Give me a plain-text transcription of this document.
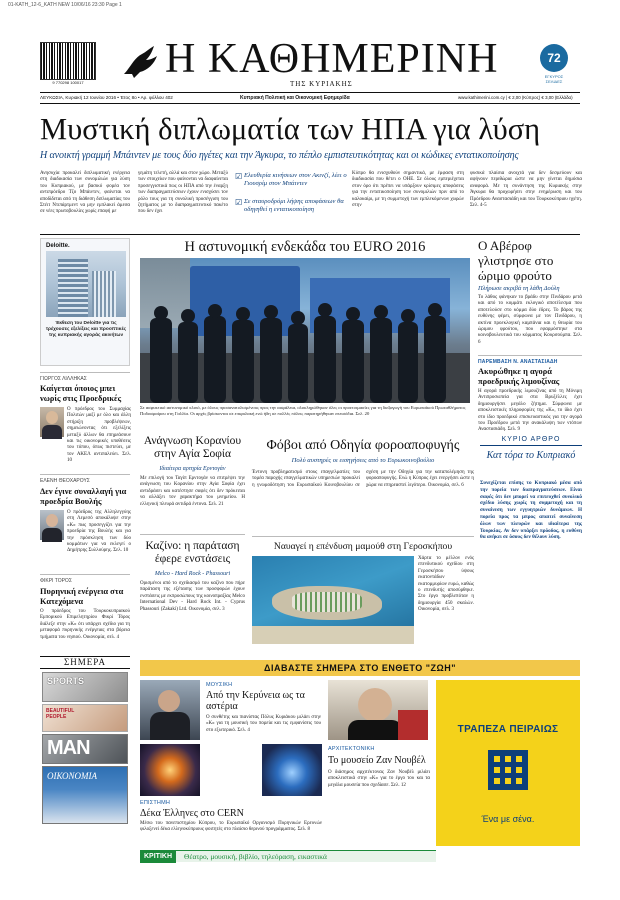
01-KATH_12-6_KATH NEW 10/06/16 23:30 Page 1
9 770298 100017
Η ΚΑΘΗΜΕΡΙΝΗ
ΤΗΣ ΚΥΡΙΑΚΗΣ
72
ΕΓΚΥΡΟΣ
ΣΕΛΙΔΕΣ
ΛΕΥΚΩΣΙΑ, Κυριακή 12 Ιουνίου 2016 • Έτος 8ο • Αρ. φύλλου 402	Κυπριακή Πολιτική και Οικονομική Εφημερίδα	www.kathimerini.com.cy | € 2,00 (Κύπρος) € 3,00 (Ελλάδα)
Μυστική διπλωματία των ΗΠΑ για λύση
Η ανοικτή γραμμή Μπάιντεν με τους δύο ηγέτες και την Άγκυρα, το πέπλο εμπιστευτικότητας και οι κώδικες εντατικοποίησης
Ανησυχία προκαλεί διπλωματική ενέργεια στη διαδικασία των συνομιλιών για λύση του Κυπριακού, με βασικό φορέα τον αντιπρόεδρο Τζο Μπάιντεν, φαίνεται να αποδίδεται από τη διάθεση διπλωματίας του Στέιτ Ντιπάρτμεντ να μην εμπλακεί άμεσα σε νέες πρωτοβουλίες χωρίς επαφή με
γεμάτη τελετή, αλλά και στον χώρο. Μεταξύ των στοιχείων που φαίνονται να διαφαίνεται προσεγγιστικά πως οι ΗΠΑ από την έναρξη των διαπραγματεύσεων έχουν ενισχύσει τον ρόλο τους για τη συνολική προσέγγιση του ζητήματος με το διαπραγματευτικό πακέτο που δεν έχει
☑ Ελευθερία κινήσεων στον Ακινζί, λέει ο Γιουσρίμ στον Μπάιντεν
☑ Σε σταυροδρόμι λήψης αποφάσεων θα οδηγηθεί η εντατικοποίηση
Κύπρο θα ενισχυθούν σημαντικά, με έμφαση στη διαδικασία που θέτει ο ΟΗΕ. Σε όλους εμπεριέχεται στον όρο ότι πρέπει να υπάρξουν κρίσιμες αποφάσεις για την εντατικοποίηση των συνομιλιών πριν από το καλοκαίρι, με τη συμμετοχή των εμπλεκόμενων χωρών στην
φυσικά πλαίσια ανοιχτά για δεν δεσμεύουν και αφήνουν περιθώρια ώστε να μην γίνεται δημόσια αναφορά. Με τη συνάντηση της Κυριακής στην Άγκυρα θα προχωρήσει στην ενημέρωση και του Πρόεδρου Αναστασιάδη και του Τουρκοκύπριου ηγέτη. Σελ. 4-5
Deloitte.
Έκθεση του Deloitte για τις τρέχουσες εξελίξεις και προοπτικές της κυπριακής αγοράς ακινήτων
Η αστυνομική ενδεκάδα του EURO 2016
Σε ασφυκτικό αστυνομικό κλοιό, με όλους προσανατολισμένους προς την ασφάλεια, ολοκληρώθηκαν όλες οι προετοιμασίες για τη διεξαγωγή του Ευρωπαϊκού Πρωταθλήματος Ποδοσφαίρου στη Γαλλία. Οι αρχές βρίσκονται σε επιφυλακή ενώ ήδη σε πολλές πόλεις παρατηρήθηκαν επεισόδια. Σελ. 20
Ο Αβέροφ γλιστρησε στο ώριμο φρούτο
Πλήρωσε ακριβά τη λάθη Δούλη
Το λάθος φάνηκαν το βράδυ στην Πινδάρου μετά και από το κομμάτι εκλογικό αποτέλεσμα που αποτελούσε στο κόμμα δύο έδρες. Το βάρος της ευθύνης φέρει, σύμφωνα με τον Πινδάρου, η ακτίνα προεκλογική καμπάνια και η θεωρία του ώριμου φρούτου, που εφαρμόστηκε στα κοινοβουλευτικά του κόμματος Κουρσούμπα. Σελ. 6
ΠΑΡΕΜΒΑΣΗ Ν. ΑΝΑΣΤΑΣΙΑΔΗ
Ακυρώθηκε η αγορά προεδρικής λιμουζίνας
Η αγορά προεδρικής λιμουζίνας από τη Μόνιμη Αντιπροσωπεία για στα Βρυξέλλες έχει δημιουργήσει μεγάλο ζήτημα. Σύμφωνα με αποκλειστικές πληροφορίες της «Κ», το ίδιο έχει στο ίδιο προεδρικό επισκευαστικός για την αγορά του Προέδρου μετά την ανακάλυψη των ντόπων Αναστασιάδη. Σελ. 9
ΓΙΩΡΓΟΣ ΛΙΛΛΗΚΑΣ
Καίγεται όποιος μπει νωρίς στις Προεδρικές
Ο πρόεδρος του Συμμαχίας Πολιτών μαζί με όλο και άλλη στήριξη προβλέψεων, σημειώνοντας ότι εξελίξεις μεταξύ άλλων θα επηρεάσουν και τις οικονομικές υποθέσεις του τόπου, όπως πιστεύει, με τον ΑΚΕΛ αντιπαλεύει. Σελ. 10
ΕΛΕΝΗ ΘΕΟΧΑΡΟΥΣ
Δεν έγινε συναλλαγή για προεδρία Βουλής
Ο πρόεδρος της Αλληλεγγύης στη Λεμεσό αποκάλυψε στην «Κ» πως προσεγγίζει για την προεδρία της Βουλής και για την πρόσκληση των δύο κομμάτων για να εκλεγεί ο Δημήτρης Συλλούρης. Σελ. 10
ΦΙΚΡΙ ΤΟΡΟΣ
Πυρηνική ενέργεια στα Κατεχόμενα
Ο πρόεδρος του Τουρκοκυπριακού Εμπορικού Επιμελητηρίου Φικρί Τόρος διάλεξε στην «Κ» ότι υπάρχει σχέδιο για τη μεταφορά πυρηνικής ενέργειας στα βόρεια τμήματα του νησιού. Οικονομία, σελ. 4
ΣΗΜΕΡΑ
SPORTS
BEAUTIFUL PEOPLE
MAN
ΟΙΚΟΝΟΜΙΑ
Ανάγνωση Κορανίου στην Αγία Σοφία
Ιδιαίτερα αρτηρία Ερντογάν
Με επιλογή του Ταγίπ Ερντογάν να επιτρέψει την ανάγνωση του Κορανίου στην Αγία Σοφία έχει αντιδράσει και κατέστησε σαφές ότι δεν πρόκειται να αλλάξει τον χαρακτήρα του μνημείου. Η ελληνική πλευρά αντιδρά έντονα. Σελ. 21
Καζίνο: η παράταση έφερε ενστάσεις
Melco - Hard Rock - Phassouri
Ορισμένοι από το σχεδιασμό του καζίνο που πήρε παράταση της εξέτασης των προσφορών έχουν ενστάσεις με εκπροσώπους της κοινοπραξίας Melco International Dev - Hard Rock Int. - Cyprus Phassouri (Zakaki) Ltd. Οικονομία, σελ. 3
Φόβοι από Οδηγία φοροαποφυγής
Πολύ αυστηρές οι εισηγήσεις από το Ευρωκοινοβούλιο
Έντονη προβληματισμό στους επαγγελματίες του τομέα παροχής επαγγελματικών υπηρεσιών προκαλεί η γνωμοδότηση του Ευρωπαϊκού Κοινοβουλίου σε σχέση με την Οδηγία για την καταπολέμηση της φοροαποφυγής. Ενώ η Κύπρος έχει ενεργήσει ώστε η χώρα να επηρεαστεί λιγότερο. Οικονομία, σελ. 6
Ναυαγεί η επένδυση μαμούθ στη Γεροσκήπου
Χάρτα το μέλλον ενός επενδυτικού σχεδίου στη Γεροσκήπου ύψους εκατοντάδων εκατομμυρίων ευρώ, καθώς ο επενδυτής αποσύρθηκε. Στο έργο προβλεπόταν η δημιουργία 450 σκαλών. Οικονομία, σελ. 3
ΚΥΡΙΟ ΑΡΘΡΟ
Κατ τόρα το Κυπριακό
Συνεχίζεται επίσης το Κυπριακό μέσα από την πορεία των διαπραγματεύσεων. Είναι σαφές ότι δεν μπορεί να επιτευχθεί συνολικό σχέδιο λύσης χωρίς τη συμμετοχή και τη συναίνεση των εγγυητριών δυνάμεων. Η πορεία προς τα μπρος απαιτεί συναίνεση όλων των πλευρών και ιδιαίτερα της Τουρκίας. Αν δεν υπάρξει πρόοδος, η ευθύνη θα ανήκει σε όσους δεν θέλουν λύση.
ΔΙΑΒΑΣΤΕ ΣΗΜΕΡΑ ΣΤΟ ΕΝΘΕΤΟ "ΖΩΗ"
ΜΟΥΣΙΚΗ
Από την Κερύνεια ως τα αστέρια
Ο συνθέτης και πιανίστας Πόλυς Κυριάκου μιλάει στην «Κ» για τη μουσική του πορεία και τις εμφανίσεις του στο εξωτερικό. Σελ. 4
ΕΠΙΣΤΗΜΗ
Δέκα Έλληνες στο CERN
Μέσω του πανεπιστημίου Κύπρου, το Ευρωπαϊκό Οργανισμό Πυρηνικών Ερευνών φιλοξενεί δέκα ελληνοκύπριους φοιτητές στο πλαίσιο θερινού προγράμματος. Σελ. 8
ΑΡΧΙΤΕΚΤΟΝΙΚΗ
Το μουσείο Ζαν Νουβέλ
Ο διάσημος αρχιτέκτονας Ζαν Νουβέλ μιλάει αποκλειστικά στην «Κ» για το έργο του και τα μεγάλα μουσεία που σχεδίασε. Σελ. 12
ΤΡΑΠΕΖΑ ΠΕΙΡΑΙΩΣ
Ένα με σένα.
ΚΡΙΤΙΚΗ	Θέατρο, μουσική, βιβλίο, τηλεόραση, εικαστικά
